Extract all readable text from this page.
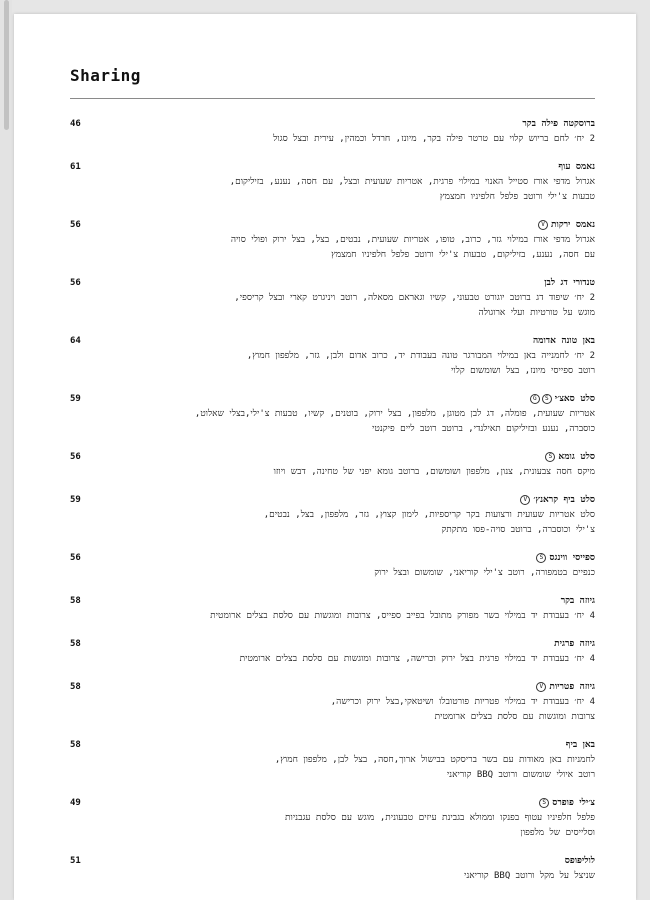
Sharing
46	ברוסקטה פילה בקר
2 יח׳ לחם בריוש קלוי עם טרטר פילה בקר, מיונז, חרדל וכמהין, עירית ובצל סגול
61	נאמס עוף
אגרול מדפי אורז סטייל האנוי במילוי פרגית, אטריות שעועית ובצל, עם חסה, נענע, בזיליקום,
טבעות צ'ילי ורוטב פלפל חלפיניו חמצמץ
56	נאמס ירקותV
אגרול מדפי אורז במילוי גזר, כרוב, טופו, אטריות שעועית, נבטים, בצל, בצל ירוק ופולי סויה
עם חסה, נענע, בזיליקום, טבעות צ'ילי ורוטב פלפל חלפיניו חמצמץ
56	טנדורי דג לבן
2 יח׳ שיפוד דג ברוטב יוגורט טבעוני, קשיו וגאראם מסאלה, רוטב ויניגרט קארי ובצל קריספי,
מוגש על טורטיות ועלי ארוגולה
64	באן טונה אדומה
2 יח׳ לחמנייה באן במילוי המבורגר טונה בעבודת יד, כרוב אדום ולבן, גזר, מלפפון חמוץ,
רוטב ספייסי מיונז, בצל ושומשום קלוי
59	סלט סאצ׳יSG
אטריות שעועית, פומלה, דג לבן מטוגן, מלפפון, בצל ירוק, בוטנים, קשיו, טבעות צ'ילי,בצלי שאלוט,
כוסברה, נענע ובזיליקום תאילנדי, ברוטב רוטב ליים פיקנטי
56	סלט גומאS
מיקס חסה צבעונית, צנון, מלפפון ושומשום, ברוטב גומא יפני של טחינה, דבש ויוזו
59	סלט ביף קראנץ׳V
סלט אטריות שעועית ורצועות בקר קריספיות, לימון קצוץ, גזר, מלפפון, בצל, נבטים,
צ'ילי וכוסברה, ברוטב סויה-פסו מתקתק
56	ספייסי ווינגסS
כנפיים בטמפורה, רוטב צ'ילי קוריאני, שומשום ובצל ירוק
58	גיוזה בקר
4 יח׳ בעבודת יד במילוי בשר מפורק מתובל בפייב ספייס, צרובות ומוגשות עם סלסת בצלים ארומטית
58	גיוזה פרגית
4 יח׳ בעבודת יד במילוי פרגית בצל ירוק וכרישה, צרובות ומוגשות עם סלסת בצלים ארומטית
58	גיוזה פטריותV
4 יח׳ בעבודת יד במילוי פטריות פורטובלו ושיטאקי,בצל ירוק וכרישה,
צרובות ומוגשות עם סלסת בצלים ארומטית
58	באן ביף
לחמניות באן מאודות עם בשר בריסקט בבישול ארוך,חסה, בצל לבן, מלפפון חמוץ,
רוטב איולי שומשום ורוטב BBQ קוריאני
49	צ׳ילי פופרסS
פלפל חלפיניו עטוף בפנקו וממולא בגבינת עיזים טבעונית, מוגש עם סלסת עגבניות
וסלייסים של מלפפון
51	לוליפופס
שניצל על מקל ורוטב BBQ קוריאני
